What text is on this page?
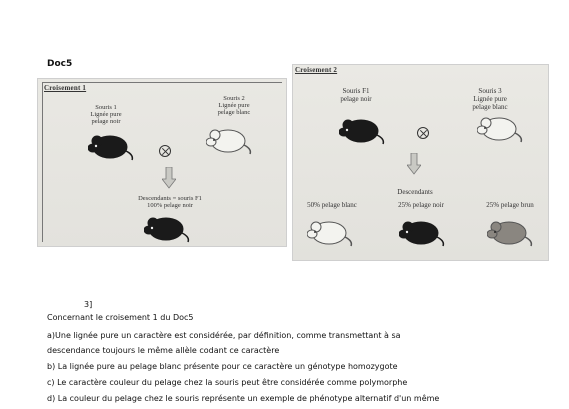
Doc5
Croisement 1
Souris 1
Lignée pure
pelage noir
Souris 2
Lignée pure
pelage blanc
Descendants = souris F1
100% pelage noir
Croisement 2
Souris F1
pelage noir
Souris 3
Lignée pure
pelage blanc
Descendants
50% pelage blanc	25% pelage noir	25% pelage brun
3]
Concernant le croisement 1 du Doc5
a)Une lignée pure un caractère est considérée, par définition, comme transmettant à sa
descendance toujours le même allèle codant ce caractère
b) La lignée pure au pelage blanc présente pour ce caractère un génotype homozygote
c) Le caractère couleur du pelage chez la souris peut être considérée comme polymorphe
d) La couleur du pelage chez le souris représente un exemple de phénotype alternatif d'un même
